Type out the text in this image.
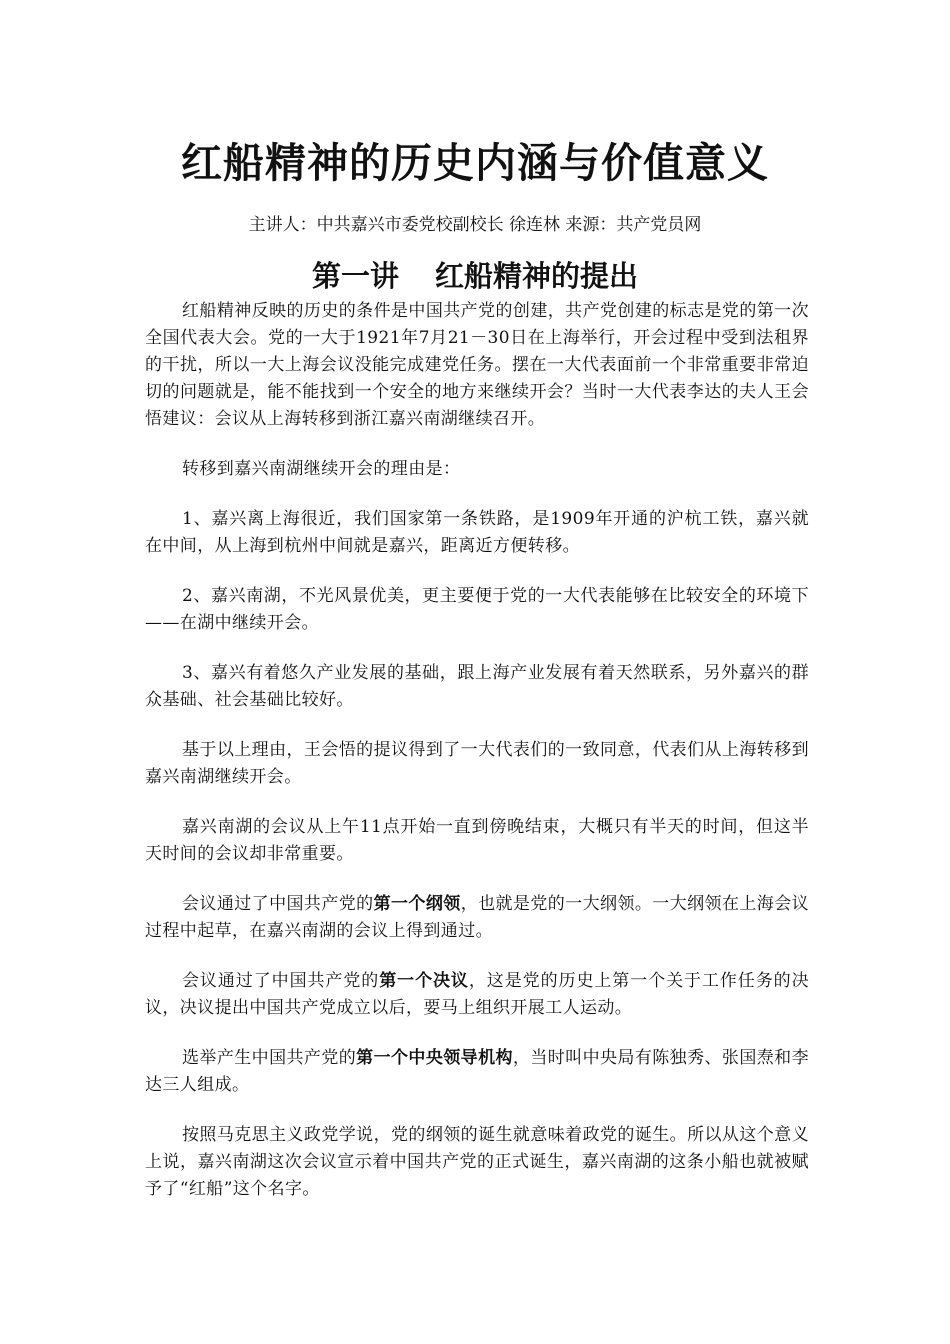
红船精神的历史内涵与价值意义

主讲人：中共嘉兴市委党校副校长 徐连林 来源：共产党员网

第一讲 红船精神的提出

红船精神反映的历史的条件是中国共产党的创建，共产党创建的标志是党的第一次全国代表大会。党的一大于1921年7月21－30日在上海举行，开会过程中受到法租界的干扰，所以一大上海会议没能完成建党任务。摆在一大代表面前一个非常重要非常迫切的问题就是，能不能找到一个安全的地方来继续开会？当时一大代表李达的夫人王会悟建议：会议从上海转移到浙江嘉兴南湖继续召开。

转移到嘉兴南湖继续开会的理由是：

1、嘉兴离上海很近，我们国家第一条铁路，是1909年开通的沪杭工铁，嘉兴就在中间，从上海到杭州中间就是嘉兴，距离近方便转移。

2、嘉兴南湖，不光风景优美，更主要便于党的一大代表能够在比较安全的环境下——在湖中继续开会。

3、嘉兴有着悠久产业发展的基础，跟上海产业发展有着天然联系，另外嘉兴的群众基础、社会基础比较好。

基于以上理由，王会悟的提议得到了一大代表们的一致同意，代表们从上海转移到嘉兴南湖继续开会。

嘉兴南湖的会议从上午11点开始一直到傍晚结束，大概只有半天的时间，但这半天时间的会议却非常重要。

会议通过了中国共产党的第一个纲领，也就是党的一大纲领。一大纲领在上海会议过程中起草，在嘉兴南湖的会议上得到通过。

会议通过了中国共产党的第一个决议，这是党的历史上第一个关于工作任务的决议，决议提出中国共产党成立以后，要马上组织开展工人运动。

选举产生中国共产党的第一个中央领导机构，当时叫中央局有陈独秀、张国焘和李达三人组成。

按照马克思主义政党学说，党的纲领的诞生就意味着政党的诞生。所以从这个意义上说，嘉兴南湖这次会议宣示着中国共产党的正式诞生，嘉兴南湖的这条小船也就被赋予了“红船”这个名字。
